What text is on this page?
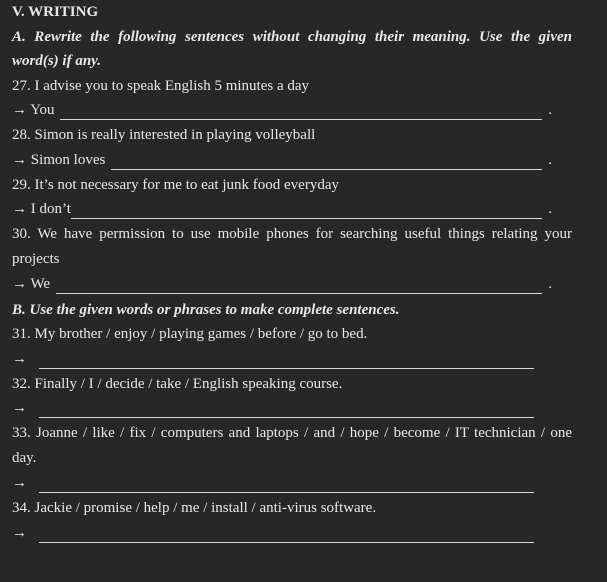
V. WRITING
A. Rewrite the following sentences without changing their meaning. Use the given
word(s) if any.
27. I advise you to speak English 5 minutes a day
→ You	.
28. Simon is really interested in playing volleyball
→ Simon loves	.
29. It’s not necessary for me to eat junk food everyday
→ I don’t	.
30. We have permission to use mobile phones for searching useful things relating your
projects
→ We	.
B. Use the given words or phrases to make complete sentences.
31. My brother / enjoy / playing games / before / go to bed.
→
32. Finally / I / decide / take / English speaking course.
→
33. Joanne / like / fix / computers and laptops / and / hope / become / IT technician / one
day.
→
34. Jackie / promise / help / me / install / anti-virus software.
→
